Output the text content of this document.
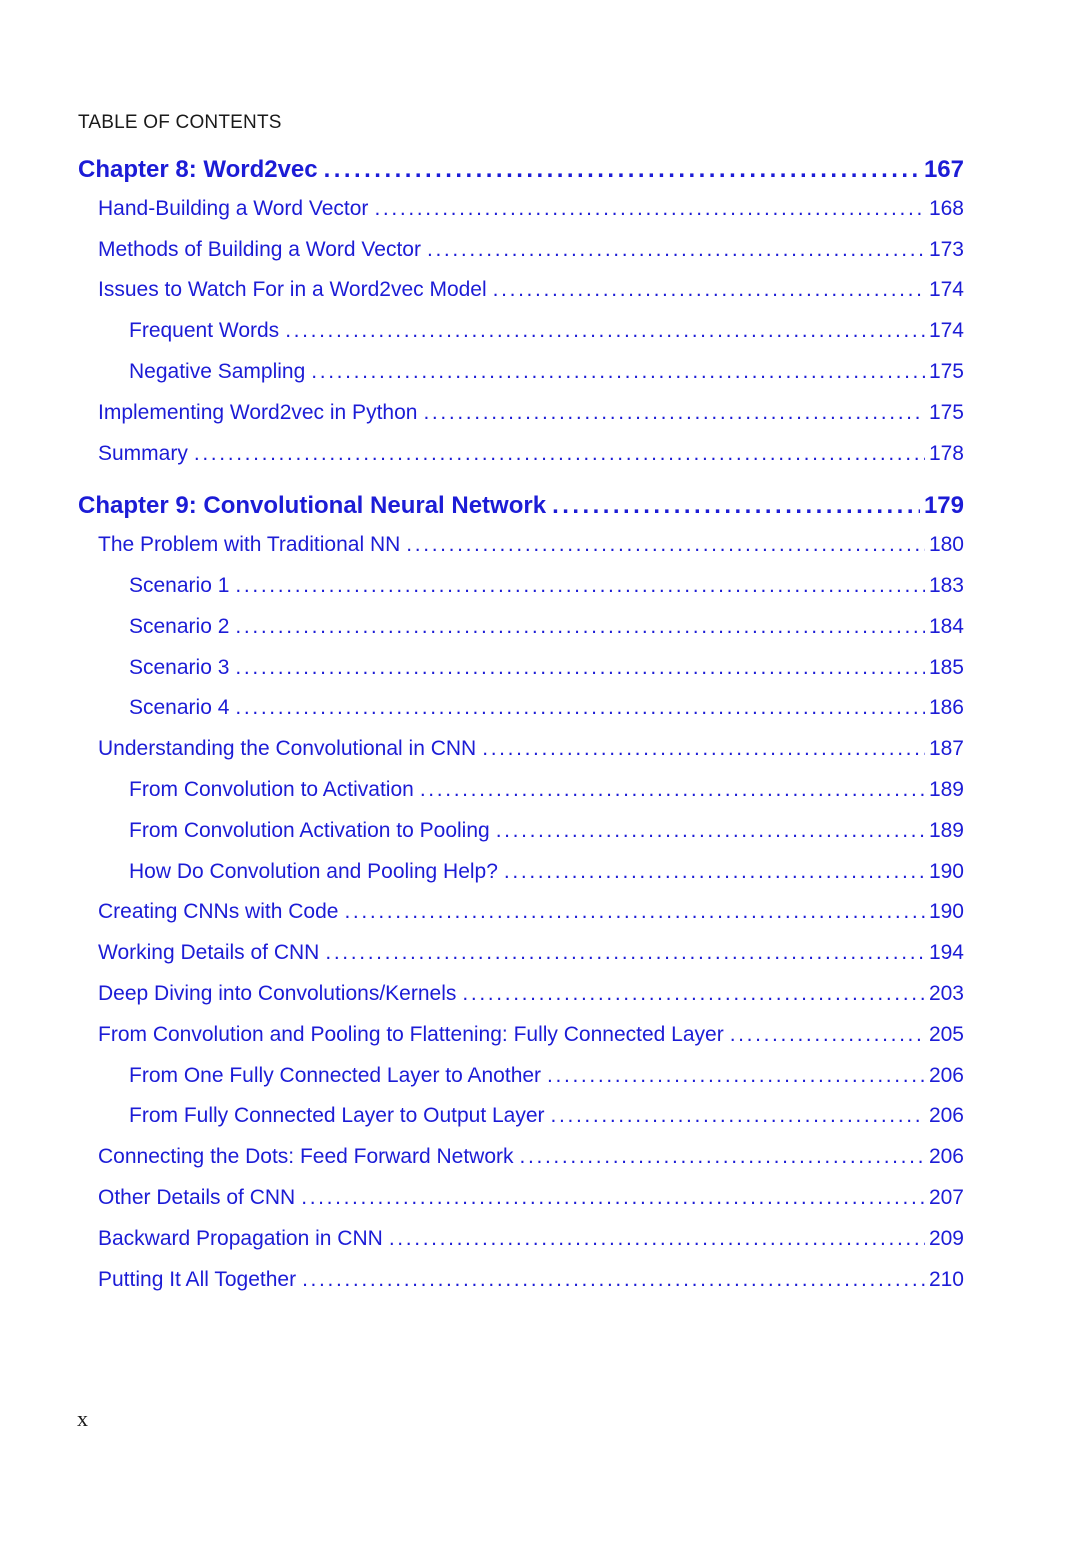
TABLE OF CONTENTS
Chapter 8: Word2vec . . .	167
Hand-Building a Word Vector . . .	168
Methods of Building a Word Vector . . .	173
Issues to Watch For in a Word2vec Model . . .	174
Frequent Words . . .	174
Negative Sampling . . .	175
Implementing Word2vec in Python . . .	175
Summary . . .	178
Chapter 9: Convolutional Neural Network . . .	179
The Problem with Traditional NN . . .	180
Scenario 1 . . .	183
Scenario 2 . . .	184
Scenario 3 . . .	185
Scenario 4 . . .	186
Understanding the Convolutional in CNN . . .	187
From Convolution to Activation . . .	189
From Convolution Activation to Pooling . . .	189
How Do Convolution and Pooling Help? . . .	190
Creating CNNs with Code . . .	190
Working Details of CNN . . .	194
Deep Diving into Convolutions/Kernels . . .	203
From Convolution and Pooling to Flattening: Fully Connected Layer . . .	205
From One Fully Connected Layer to Another . . .	206
From Fully Connected Layer to Output Layer . . .	206
Connecting the Dots: Feed Forward Network . . .	206
Other Details of CNN . . .	207
Backward Propagation in CNN . . .	209
Putting It All Together . . .	210
x
